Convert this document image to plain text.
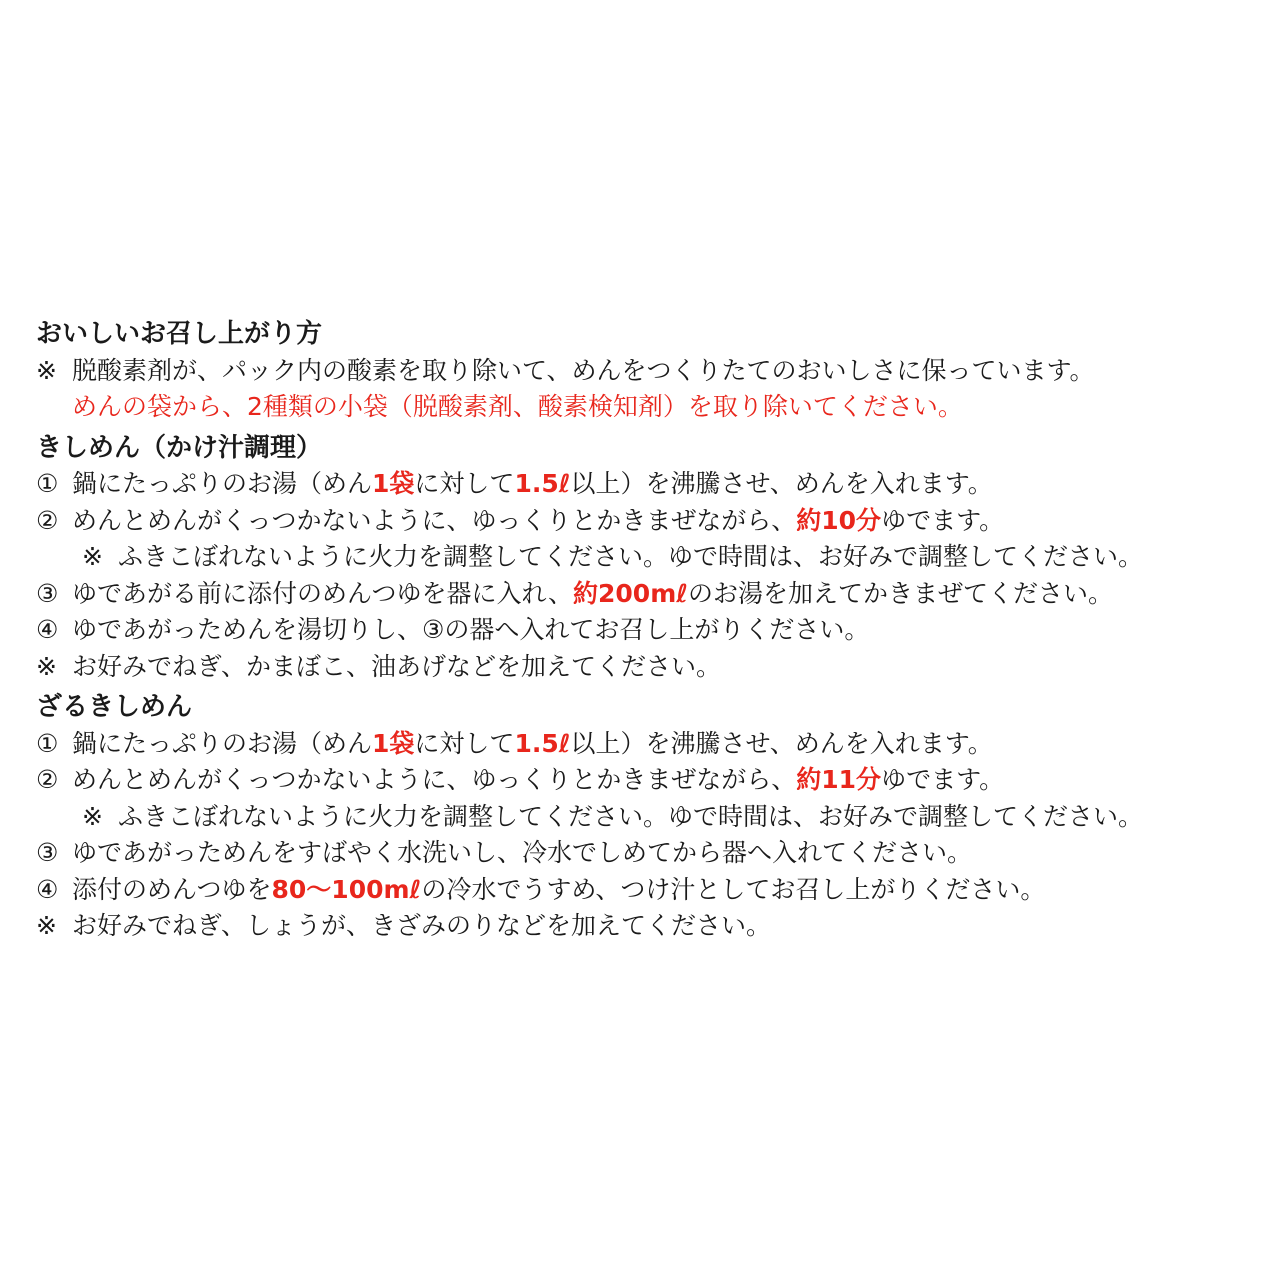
おいしいお召し上がり方
※ 脱酸素剤が、パック内の酸素を取り除いて、めんをつくりたてのおいしさに保っています。
めんの袋から、2種類の小袋（脱酸素剤、酸素検知剤）を取り除いてください。
きしめん（かけ汁調理）
① 鍋にたっぷりのお湯（めん1袋に対して1.5ℓ以上）を沸騰させ、めんを入れます。
② めんとめんがくっつかないように、ゆっくりとかきまぜながら、約10分ゆでます。
※ ふきこぼれないように火力を調整してください。ゆで時間は、お好みで調整してください。
③ ゆであがる前に添付のめんつゆを器に入れ、約200mℓのお湯を加えてかきまぜてください。
④ ゆであがっためんを湯切りし、③の器へ入れてお召し上がりください。
※ お好みでねぎ、かまぼこ、油あげなどを加えてください。
ざるきしめん
① 鍋にたっぷりのお湯（めん1袋に対して1.5ℓ以上）を沸騰させ、めんを入れます。
② めんとめんがくっつかないように、ゆっくりとかきまぜながら、約11分ゆでます。
※ ふきこぼれないように火力を調整してください。ゆで時間は、お好みで調整してください。
③ ゆであがっためんをすばやく水洗いし、冷水でしめてから器へ入れてください。
④ 添付のめんつゆを80〜100mℓの冷水でうすめ、つけ汁としてお召し上がりください。
※ お好みでねぎ、しょうが、きざみのりなどを加えてください。
